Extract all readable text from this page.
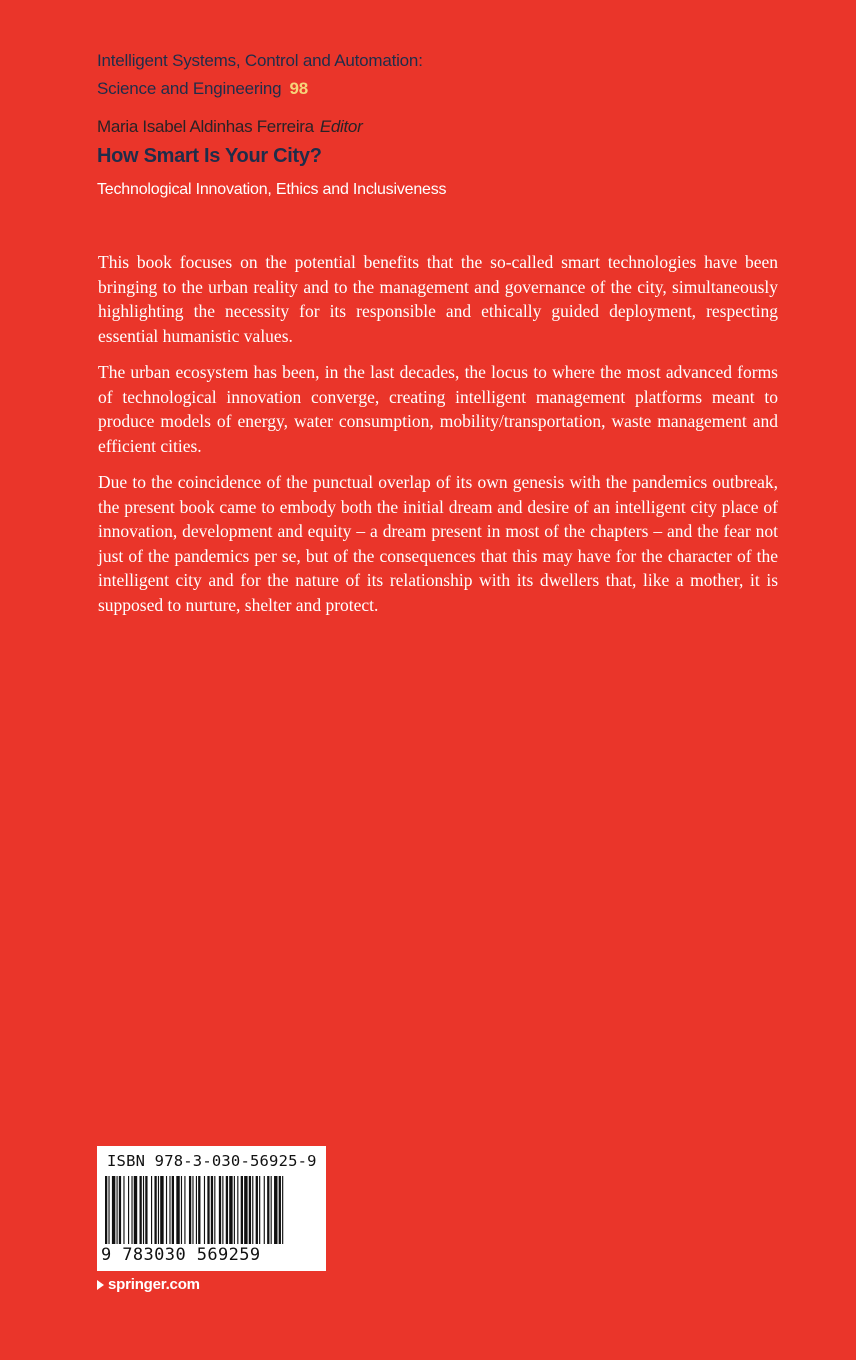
Intelligent Systems, Control and Automation:
Science and Engineering 98
Maria Isabel Aldinhas Ferreira Editor
How Smart Is Your City?
Technological Innovation, Ethics and Inclusiveness

This book focuses on the potential benefits that the so-called smart technologies have been bringing to the urban reality and to the management and governance of the city, simultaneously highlighting the necessity for its responsible and ethically guided deployment, respecting essential humanistic values.

The urban ecosystem has been, in the last decades, the locus to where the most advanced forms of technological innovation converge, creating intelligent management platforms meant to produce models of energy, water consumption, mobility/​transportation, waste management and efficient cities.

Due to the coincidence of the punctual overlap of its own genesis with the pandemics outbreak, the present book came to embody both the initial dream and desire of an intelligent city place of innovation, development and equity – a dream present in most of the chapters – and the fear not just of the pandemics per se, but of the consequences that this may have for the character of the intelligent city and for the nature of its relationship with its dwellers that, like a mother, it is supposed to nurture, shelter and protect.

ISBN 978-3-030-56925-9
9 783030 569259
springer.com
